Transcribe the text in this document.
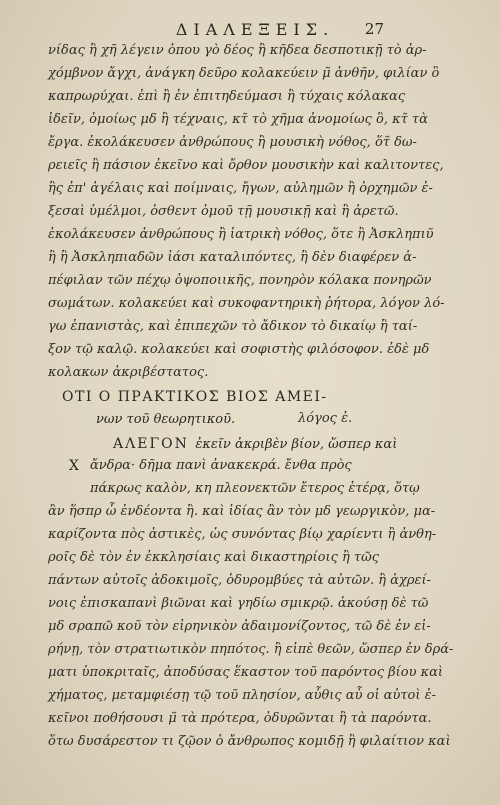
ΔΙΑΛΕΞΕΙΣ.	27
νίδας ἢ χῆ λέγειν ὁπου γὸ δέος ἢ κῆδεα δεσποτικῇ τὸ ἀρ-
χόμβνον ἄγχι, ἀνάγκη δεῦρο κολακεύειν μ̃ ἀνθῆν, φιλίαν ὃ
καπρωρύχαι. ἐπὶ ἢ ἐν ἐπιτηδεύμασι ἢ τύχαις κόλακας
ἰδεῖν, ὁμοίως μδ ἢ τέχναις, κτ̃ τὸ χῆμα ἀνομοίως ὃ, κτ̃ τὰ
ἔργα. ἐκολάκευσεν ἀνθρώπους ἢ μουσικὴ νόθος, ὅτ̃ δω-
ρειεῖς ἢ πάσιον ἐκεῖνο καὶ ὄρθον μουσικὴν καὶ καλιτοντες,
ἢς ἐπ' ἀγέλαις καὶ ποίμναις, ἤγων, αὐλημῶν ἢ ὀρχημῶν ἐ-
ξεσαὶ ὑμέλμοι, ὁσθεντ ὁμοῦ τῇ μουσικῇ καὶ ἢ ἀρετῶ.
ἐκολάκευσεν ἀνθρώπους ἢ ἰατρικὴ νόθος, ὅτε ἢ Ἀσκληπιῦ
ἢ ἢ Ἀσκληπιαδῶν ἰάσι καταλιπόντες, ἢ δὲν διαφέρεν ἀ-
πέφιλαν τῶν πέχῳ ὀψοποιικῆς, πονηρὸν κόλακα πονηρῶν
σωμάτων. κολακεύει καὶ συκοφαντηρικὴ ῥήτορα, λόγον λό-
γω ἐπανιστὰς, καὶ ἐπιπεχῶν τὸ ἄδικον τὸ δικαίῳ ἢ ταί-
ξον τῷ καλῷ. κολακεύει καὶ σοφιστὴς φιλόσοφον. ἐδὲ μδ
κολακων ἀκριβέστατος.
ΟΤΙ Ο ΠΡΑΚΤΙΚΟΣ ΒΙΟΣ ΑΜΕΙ-
νων τοῦ θεωρητικοῦ.	λόγος ἐ.
ΑΛΕΓΟΝ ἐκεῖν ἀκριβὲν βίον, ὥσπερ καὶ
Χ ἄνδρα· δῆμα πανὶ ἀνακεκρά. ἔνθα πρὸς
πάκρως καλὸν, κη πλεονεκτῶν ἔτερος ἑτέρᾳ, ὅτῳ
ἂν ἥσπρ ὧ ἐνδέοντα ἢ. καὶ ἰδίας ἂν τὸν μδ γεωργικὸν, μα-
καρίζοντα πὸς ἀστικὲς, ὡς συνόντας βίῳ χαρίεντι ἢ ἀνθη-
ροῖς δὲ τὸν ἐν ἐκκλησίαις καὶ δικαστηρίοις ἢ τῶς
πάντων αὐτοῖς ἁδοκιμοῖς, ὁδυρομβύες τὰ αὐτῶν. ἢ ἀχρεί-
νοις ἐπισκαπανὶ βιῶναι καὶ γηδίω σμικρῷ. ἀκούσῃ δὲ τῶ
μδ σραπῶ κοῦ τὸν εἰρηνικὸν ἀδαιμονίζοντος, τῶ δὲ ἐν εἰ-
ρήνῃ, τὸν στρατιωτικὸν πηπότος. ἢ εἰπὲ θεῶν, ὥσπερ ἐν δρά-
ματι ὑποκριταῖς, ἀποδύσας ἕκαστον τοῦ παρόντος βίου καὶ
χήματος, μεταμφιέσῃ τῷ τοῦ πλησίον, αὖθις αὖ οἱ αὐτοὶ ἐ-
κεῖνοι ποθήσουσι μ̃ τὰ πρότερα, ὀδυρῶνται ἢ τὰ παρόντα.
ὅτω δυσάρεστον τι ζῷον ὁ ἄνθρωπος κομιδῇ ἢ φιλαίτιον καὶ
